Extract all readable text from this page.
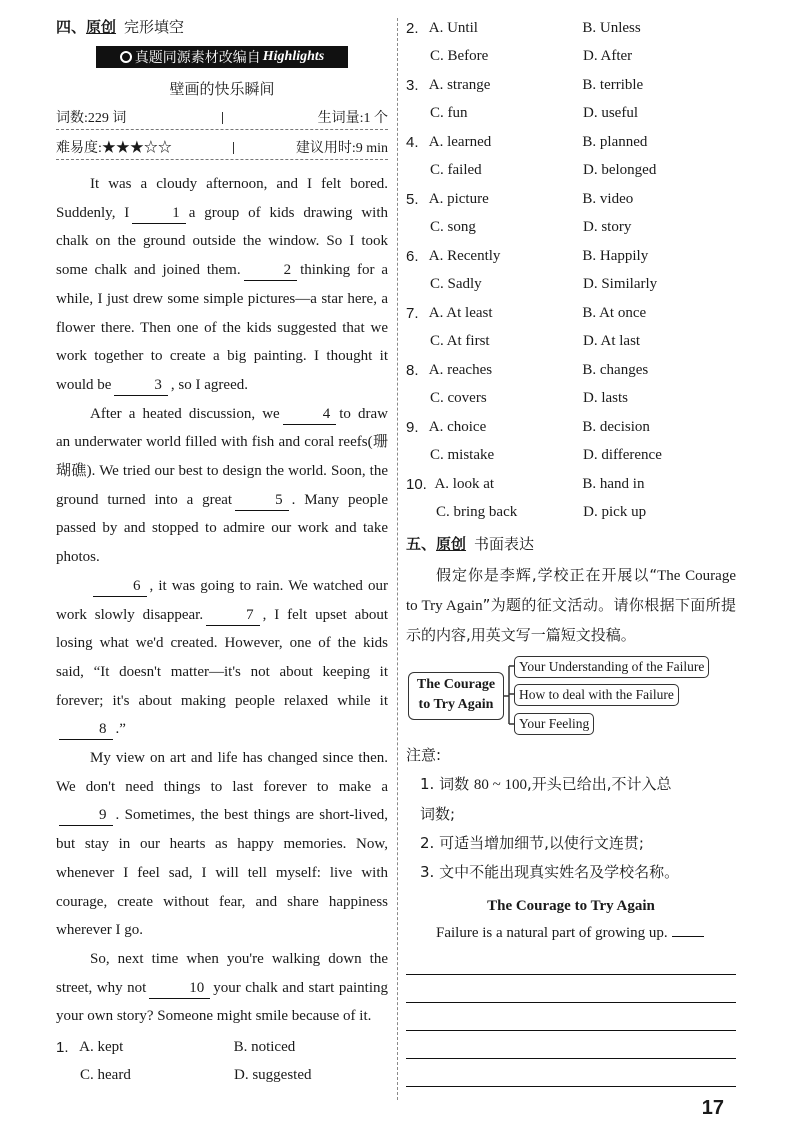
四、 原创 完形填空
真题同源素材改编自 Highlights
壁画的快乐瞬间
词数:229 词	生词量:1 个
难易度:★★★☆☆	建议用时:9 min

It was a cloudy afternoon, and I felt bored. Suddenly, I	1 a group of kids drawing with chalk on the ground outside the window. So I took some chalk and joined them.	2 thinking for a while, I just drew some simple pictures—a star here, a flower there. Then one of the kids suggested that we work together to create a big painting. I thought it would be	3 , so I agreed.

After a heated discussion, we	4 to draw an underwater world filled with fish and coral reefs(珊瑚礁). We tried our best to design the world. Soon, the ground turned into a great	5 . Many people passed by and stopped to admire our work and take photos.

6 , it was going to rain. We watched our work slowly disappear.	7 , I felt upset about losing what we'd created. However, one of the kids said, “It doesn't matter—it's not about keeping it forever; it's about making people relaxed while it8 .”

My view on art and life has changed since then. We don't need things to last forever to make a9 . Sometimes, the best things are short-lived, but stay in our hearts as happy memories. Now, whenever I feel sad, I will tell myself: live with courage, create without fear, and share happiness wherever I go.

So, next time when you're walking down the street, why not	10 your chalk and start painting your own story? Someone might smile because of it.

1. A. kept	B. noticed
C. heard	D. suggested
2. A. Until	B. Unless
C. Before	D. After
3. A. strange	B. terrible
C. fun	D. useful
4. A. learned	B. planned
C. failed	D. belonged
5. A. picture	B. video
C. song	D. story
6. A. Recently	B. Happily
C. Sadly	D. Similarly
7. A. At least	B. At once
C. At first	D. At last
8. A. reaches	B. changes
C. covers	D. lasts
9. A. choice	B. decision
C. mistake	D. difference
10. A. look at	B. hand in
C. bring back	D. pick up
五、 原创 书面表达
假定你是李辉,学校正在开展以“The Courage to Try Again”为题的征文活动。请你根据下面所提示的内容,用英文写一篇短文投稿。
The Courage
to Try Again
Your Understanding of the Failure
How to deal with the Failure
Your Feeling
注意:

1. 词数 80 ~ 100,开头已给出,不计入总

词数;

2. 可适当增加细节,以使行文连贯;

3. 文中不能出现真实姓名及学校名称。

The Courage to Try Again
Failure is a natural part of growing up.
17
